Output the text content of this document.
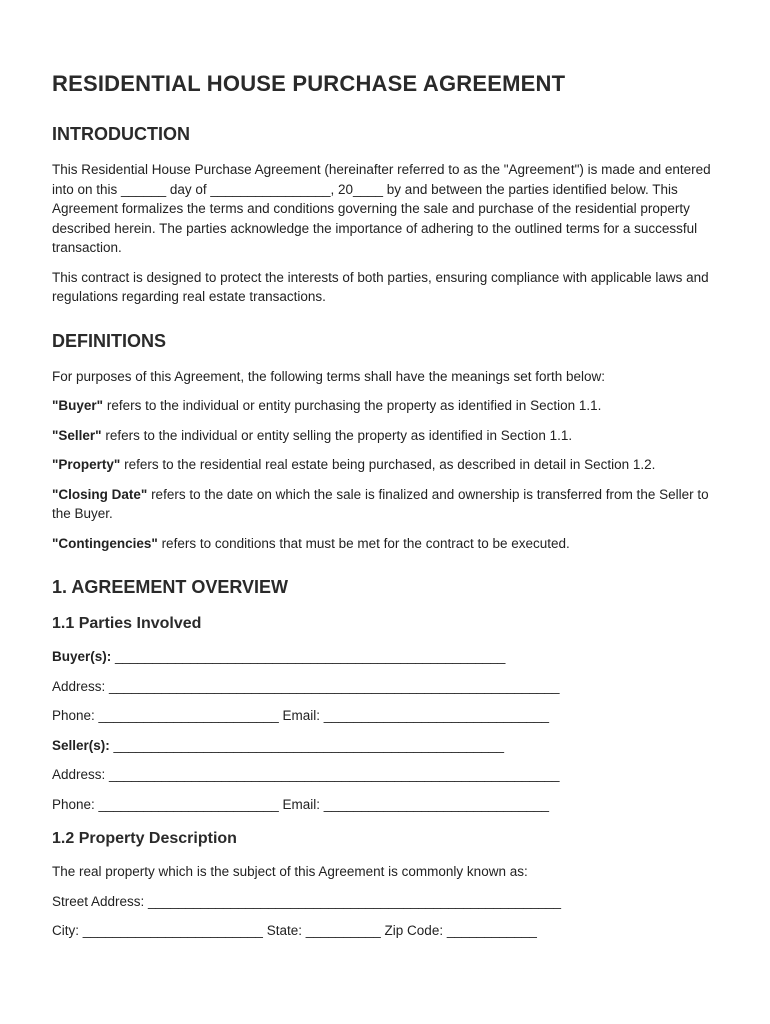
RESIDENTIAL HOUSE PURCHASE AGREEMENT
INTRODUCTION

This Residential House Purchase Agreement (hereinafter referred to as the "Agreement") is made and entered into on this ______ day of ________________, 20____ by and between the parties identified below. This Agreement formalizes the terms and conditions governing the sale and purchase of the residential property described herein. The parties acknowledge the importance of adhering to the outlined terms for a successful transaction.

This contract is designed to protect the interests of both parties, ensuring compliance with applicable laws and regulations regarding real estate transactions.

DEFINITIONS

For purposes of this Agreement, the following terms shall have the meanings set forth below:

"Buyer" refers to the individual or entity purchasing the property as identified in Section 1.1.

"Seller" refers to the individual or entity selling the property as identified in Section 1.1.

"Property" refers to the residential real estate being purchased, as described in detail in Section 1.2.

"Closing Date" refers to the date on which the sale is finalized and ownership is transferred from the Seller to the Buyer.

"Contingencies" refers to conditions that must be met for the contract to be executed.

1. AGREEMENT OVERVIEW
1.1 Parties Involved
Buyer(s): ____________________________________________________
Address: ____________________________________________________________
Phone: ________________________ Email: ______________________________
Seller(s): ____________________________________________________
Address: ____________________________________________________________
Phone: ________________________ Email: ______________________________
1.2 Property Description

The real property which is the subject of this Agreement is commonly known as:

Street Address: _______________________________________________________
City: ________________________ State: __________ Zip Code: ____________
